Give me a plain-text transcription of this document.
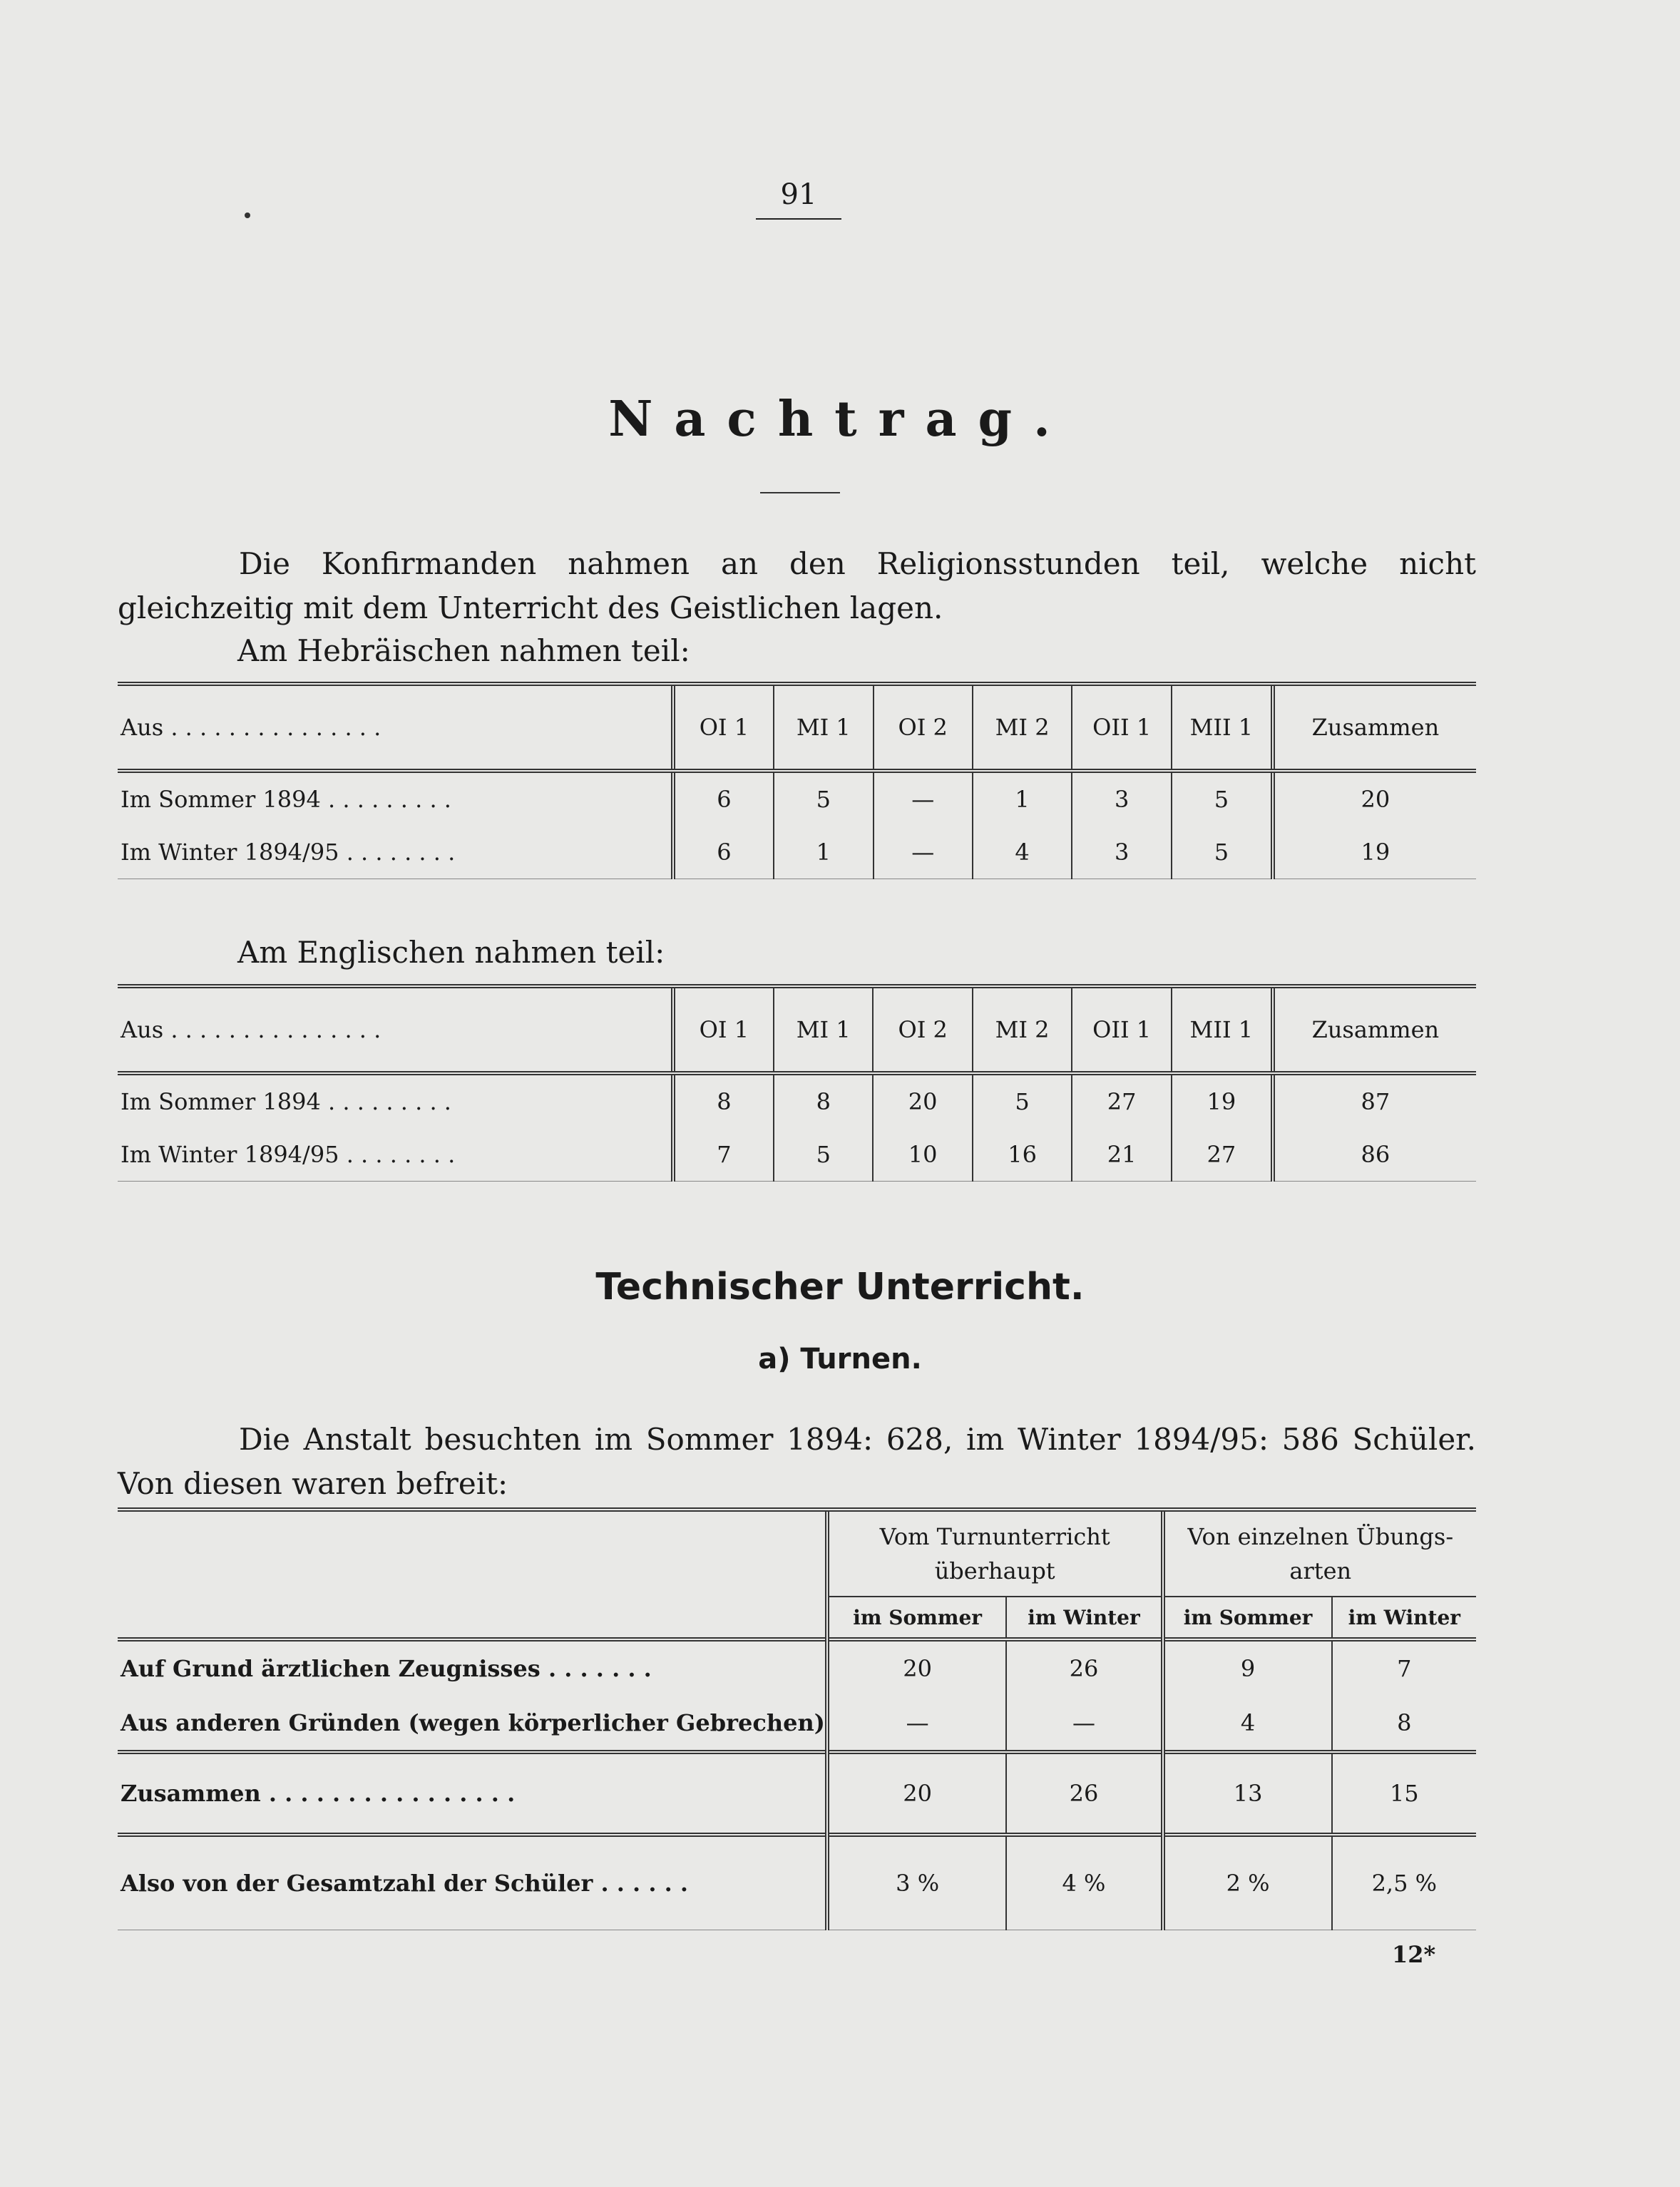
91
Nachtrag.
Die Konfirmanden nahmen an den Religionsstunden teil, welche nicht gleichzeitig mit dem Unterricht des Geistlichen lagen.
Am Hebräischen nahmen teil:
Aus . . . . . . . . . . . . . . .	OI 1	MI 1	OI 2	MI 2	OII 1	MII 1	Zusammen
Im Sommer 1894 . . . . . . . . .	6	5	—	1	3	5	20
Im Winter 1894/95 . . . . . . . .	6	1	—	4	3	5	19
Am Englischen nahmen teil:
Aus . . . . . . . . . . . . . . .	OI 1	MI 1	OI 2	MI 2	OII 1	MII 1	Zusammen
Im Sommer 1894 . . . . . . . . .	8	8	20	5	27	19	87
Im Winter 1894/95 . . . . . . . .	7	5	10	16	21	27	86
Technischer Unterricht.
a) Turnen.
Die Anstalt besuchten im Sommer 1894: 628, im Winter 1894/95: 586 Schüler. Von diesen waren befreit:
	Vom Turnunterricht überhaupt		Von einzelnen Übungs- arten	
	im Sommer	im Winter	im Sommer	im Winter
Auf Grund ärztlichen Zeugnisses . . . . . . .	20	26	9	7
Aus anderen Gründen (wegen körperlicher Gebrechen)	—	—	4	8
Zusammen . . . . . . . . . . . . . . . .	20	26	13	15
Also von der Gesamtzahl der Schüler . . . . . .	3 %	4 %	2 %	2,5 %
12*
